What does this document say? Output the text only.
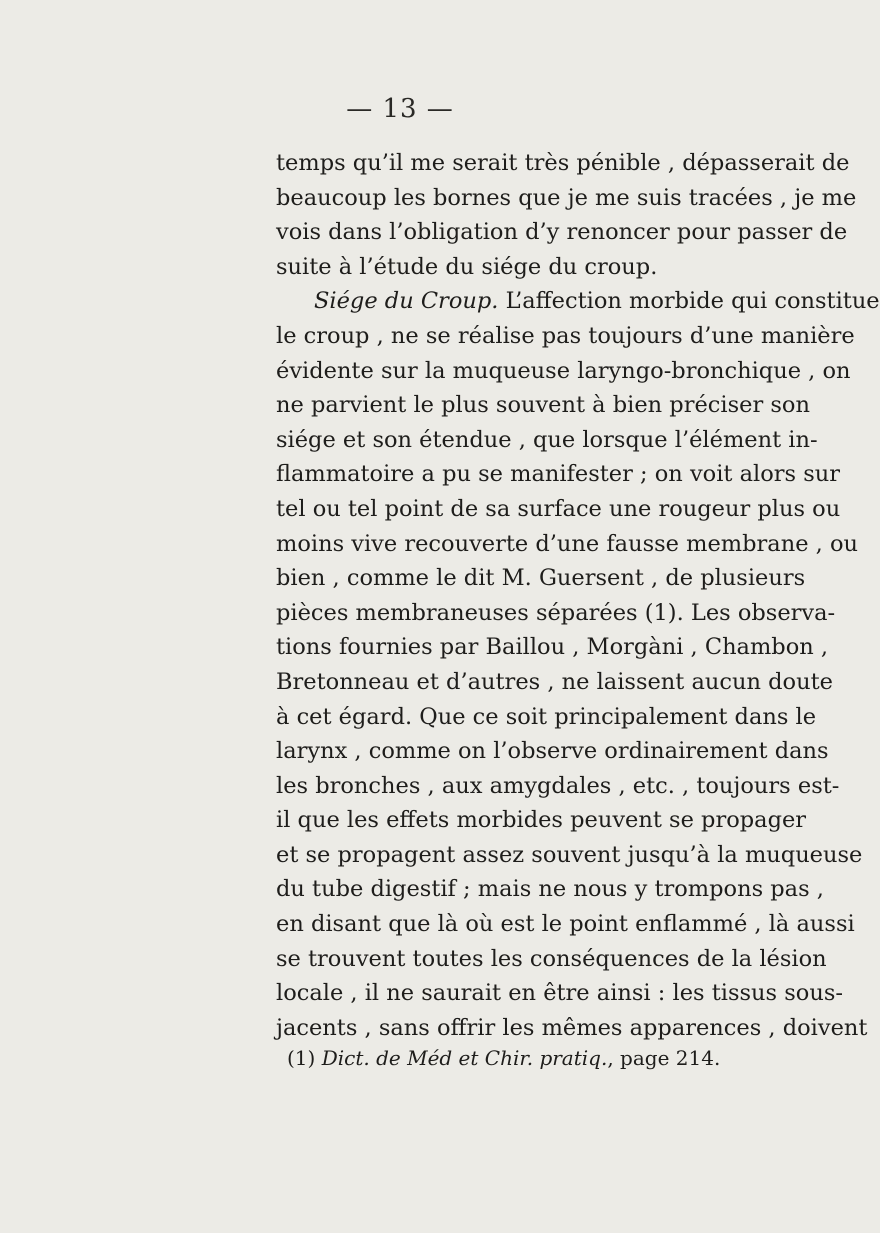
— 13 —
temps qu’il me serait très pénible , dépasserait de
beaucoup les bornes que je me suis tracées , je me
vois dans l’obligation d’y renoncer pour passer de
suite à l’étude du siége du croup.
Siége du Croup. L’affection morbide qui constitue
le croup , ne se réalise pas toujours d’une manière
évidente sur la muqueuse laryngo-bronchique , on
ne parvient le plus souvent à bien préciser son
siége et son étendue , que lorsque l’élément in-
flammatoire a pu se manifester ; on voit alors sur
tel ou tel point de sa surface une rougeur plus ou
moins vive recouverte d’une fausse membrane , ou
bien , comme le dit M. Guersent , de plusieurs
pièces membraneuses séparées (1). Les observa-
tions fournies par Baillou , Morgàni , Chambon ,
Bretonneau et d’autres , ne laissent aucun doute
à cet égard. Que ce soit principalement dans le
larynx , comme on l’observe ordinairement dans
les bronches , aux amygdales , etc. , toujours est-
il que les effets morbides peuvent se propager
et se propagent assez souvent jusqu’à la muqueuse
du tube digestif ; mais ne nous y trompons pas ,
en disant que là où est le point enflammé , là aussi
se trouvent toutes les conséquences de la lésion
locale , il ne saurait en être ainsi : les tissus sous-
jacents , sans offrir les mêmes apparences , doivent
(1) Dict. de Méd et Chir. pratiq., page 214.
